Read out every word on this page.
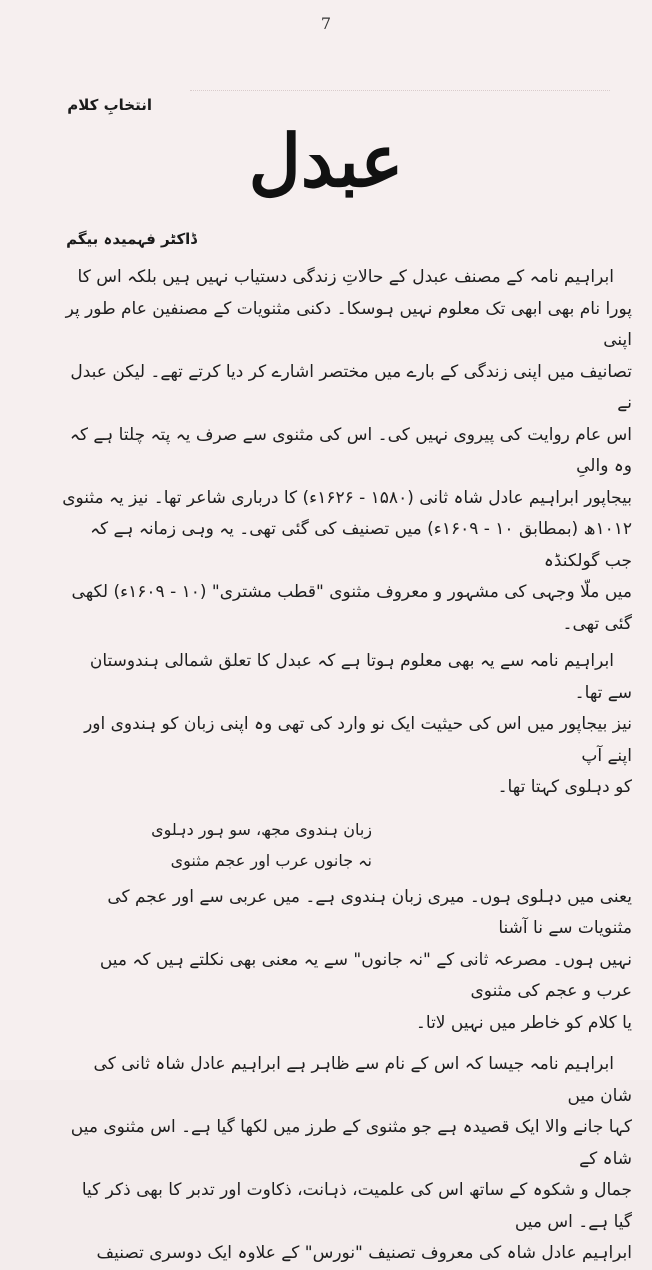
7
انتخابِ کلام
عبدل
ڈاکٹر فہمیدہ بیگم

ابراہیم نامہ کے مصنف عبدل کے حالاتِ زندگی دستیاب نہیں ہیں بلکہ اس کا

پورا نام بھی ابھی تک معلوم نہیں ہوسکا۔ دکنی مثنویات کے مصنفین عام طور پر اپنی

تصانیف میں اپنی زندگی کے بارے میں مختصر اشارے کر دیا کرتے تھے۔ لیکن عبدل نے

اس عام روایت کی پیروی نہیں کی۔ اس کی مثنوی سے صرف یہ پتہ چلتا ہے کہ وہ والیِ

بیجاپور ابراہیم عادل شاہ ثانی (۱۵۸۰ - ۱۶۲۶ء) کا درباری شاعر تھا۔ نیز یہ مثنوی

۱۰۱۲ھ (بمطابق ۱۰ - ۱۶۰۹ء) میں تصنیف کی گئی تھی۔ یہ وہی زمانہ ہے کہ جب گولکنڈہ

میں ملّا وجہی کی مشہور و معروف مثنوی "قطب مشتری" (۱۰ - ۱۶۰۹ء) لکھی گئی تھی۔

ابراہیم نامہ سے یہ بھی معلوم ہوتا ہے کہ عبدل کا تعلق شمالی ہندوستان سے تھا۔

نیز بیجاپور میں اس کی حیثیت ایک نو وارد کی تھی وہ اپنی زبان کو ہندوی اور اپنے آپ

کو دہلوی کہتا تھا۔

زبان ہندوی مجھ، سو ہور دہلوی

نہ جانوں عرب اور عجم مثنوی

یعنی میں دہلوی ہوں۔ میری زبان ہندوی ہے۔ میں عربی سے اور عجم کی مثنویات سے نا آشنا

نہیں ہوں۔ مصرعہ ثانی کے "نہ جانوں" سے یہ معنی بھی نکلتے ہیں کہ میں عرب و عجم کی مثنوی

یا کلام کو خاطر میں نہیں لاتا۔

ابراہیم نامہ جیسا کہ اس کے نام سے ظاہر ہے ابراہیم عادل شاہ ثانی کی شان میں

کہا جانے والا ایک قصیدہ ہے جو مثنوی کے طرز میں لکھا گیا ہے۔ اس مثنوی میں شاہ کے

جمال و شکوہ کے ساتھ اس کی علمیت، ذہانت، ذکاوت اور تدبر کا بھی ذکر کیا گیا ہے۔ اس میں

ابراہیم عادل شاہ کی معروف تصنیف "نورس" کے علاوہ ایک دوسری تصنیف
